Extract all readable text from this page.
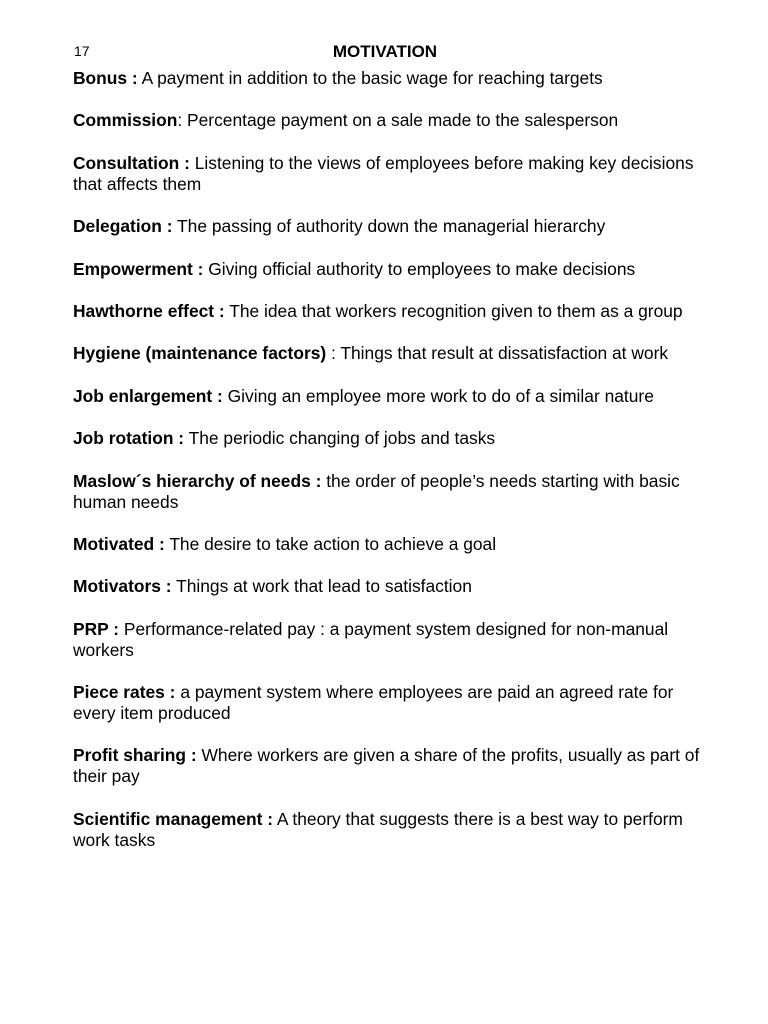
17	MOTIVATION

Bonus : A payment in addition to the basic wage for reaching targets

Commission: Percentage payment on a sale made to the salesperson

Consultation : Listening to the views of employees before making key decisions that affects them

Delegation : The passing of authority down the managerial hierarchy

Empowerment : Giving official authority to employees to make decisions

Hawthorne effect : The idea that workers recognition given to them as a group

Hygiene (maintenance factors) : Things that result at dissatisfaction at work

Job enlargement : Giving an employee more work to do of a similar nature

Job rotation : The periodic changing of jobs and tasks

Maslow´s hierarchy of needs : the order of people’s needs starting with basic human needs

Motivated : The desire to take action to achieve a goal

Motivators : Things at work that lead to satisfaction

PRP : Performance-related pay : a payment system designed for non-manual workers

Piece rates : a payment system where employees are paid an agreed rate for every item produced

Profit sharing : Where workers are given a share of the profits, usually as part of their pay

Scientific management : A theory that suggests there is a best way to perform work tasks
